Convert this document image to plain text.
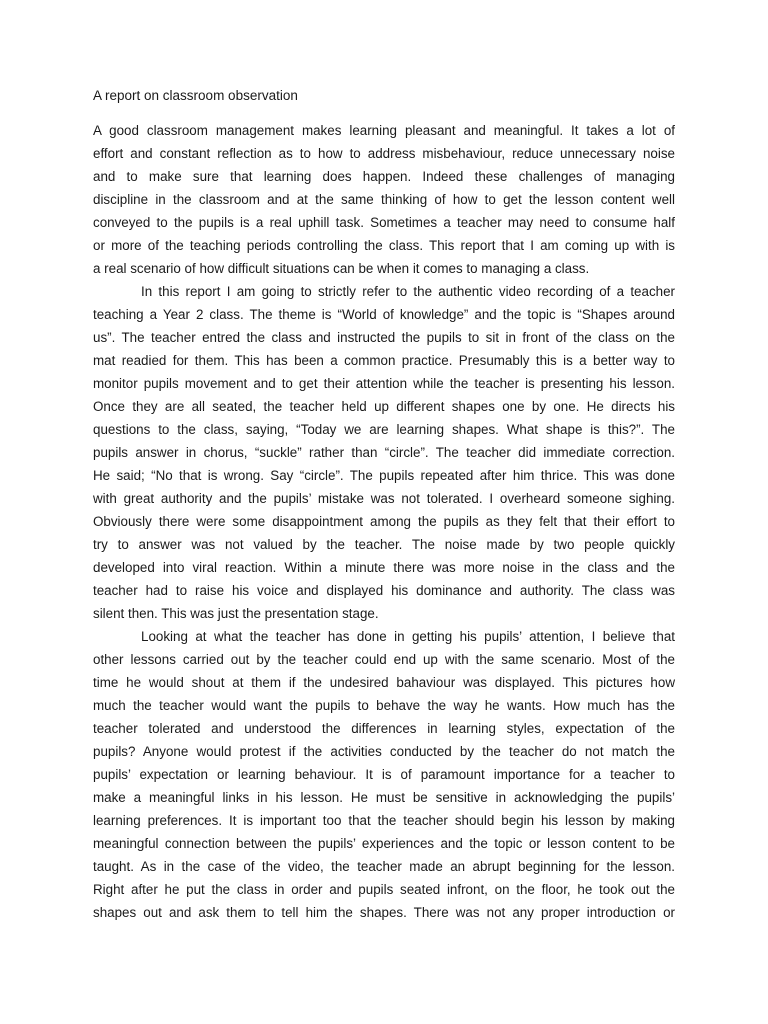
A report on classroom observation
A good classroom management makes learning pleasant and meaningful. It takes a lot of
effort and constant reflection as to how to address misbehaviour, reduce unnecessary noise
and to make sure that learning does happen. Indeed these challenges of managing
discipline in the classroom and at the same thinking of how to get the lesson content well
conveyed to the pupils is a real uphill task. Sometimes a teacher may need to consume half
or more of the teaching periods controlling the class. This report that I am coming up with is
a real scenario of how difficult situations can be when it comes to managing a class.
In this report I am going to strictly refer to the authentic video recording of a teacher
teaching a Year 2 class. The theme is “World of knowledge” and the topic is “Shapes around
us”. The teacher entred the class and instructed the pupils to sit in front of the class on the
mat readied for them. This has been a common practice. Presumably this is a better way to
monitor pupils movement and to get their attention while the teacher is presenting his lesson.
Once they are all seated, the teacher held up different shapes one by one. He directs his
questions to the class, saying, “Today we are learning shapes. What shape is this?”. The
pupils answer in chorus, “suckle” rather than “circle”. The teacher did immediate correction.
He said; “No that is wrong. Say “circle”. The pupils repeated after him thrice. This was done
with great authority and the pupils’ mistake was not tolerated. I overheard someone sighing.
Obviously there were some disappointment among the pupils as they felt that their effort to
try to answer was not valued by the teacher. The noise made by two people quickly
developed into viral reaction. Within a minute there was more noise in the class and the
teacher had to raise his voice and displayed his dominance and authority. The class was
silent then. This was just the presentation stage.
Looking at what the teacher has done in getting his pupils’ attention, I believe that
other lessons carried out by the teacher could end up with the same scenario. Most of the
time he would shout at them if the undesired bahaviour was displayed. This pictures how
much the teacher would want the pupils to behave the way he wants. How much has the
teacher tolerated and understood the differences in learning styles, expectation of the
pupils? Anyone would protest if the activities conducted by the teacher do not match the
pupils’ expectation or learning behaviour. It is of paramount importance for a teacher to
make a meaningful links in his lesson. He must be sensitive in acknowledging the pupils’
learning preferences. It is important too that the teacher should begin his lesson by making
meaningful connection between the pupils’ experiences and the topic or lesson content to be
taught. As in the case of the video, the teacher made an abrupt beginning for the lesson.
Right after he put the class in order and pupils seated infront, on the floor, he took out the
shapes out and ask them to tell him the shapes. There was not any proper introduction or
